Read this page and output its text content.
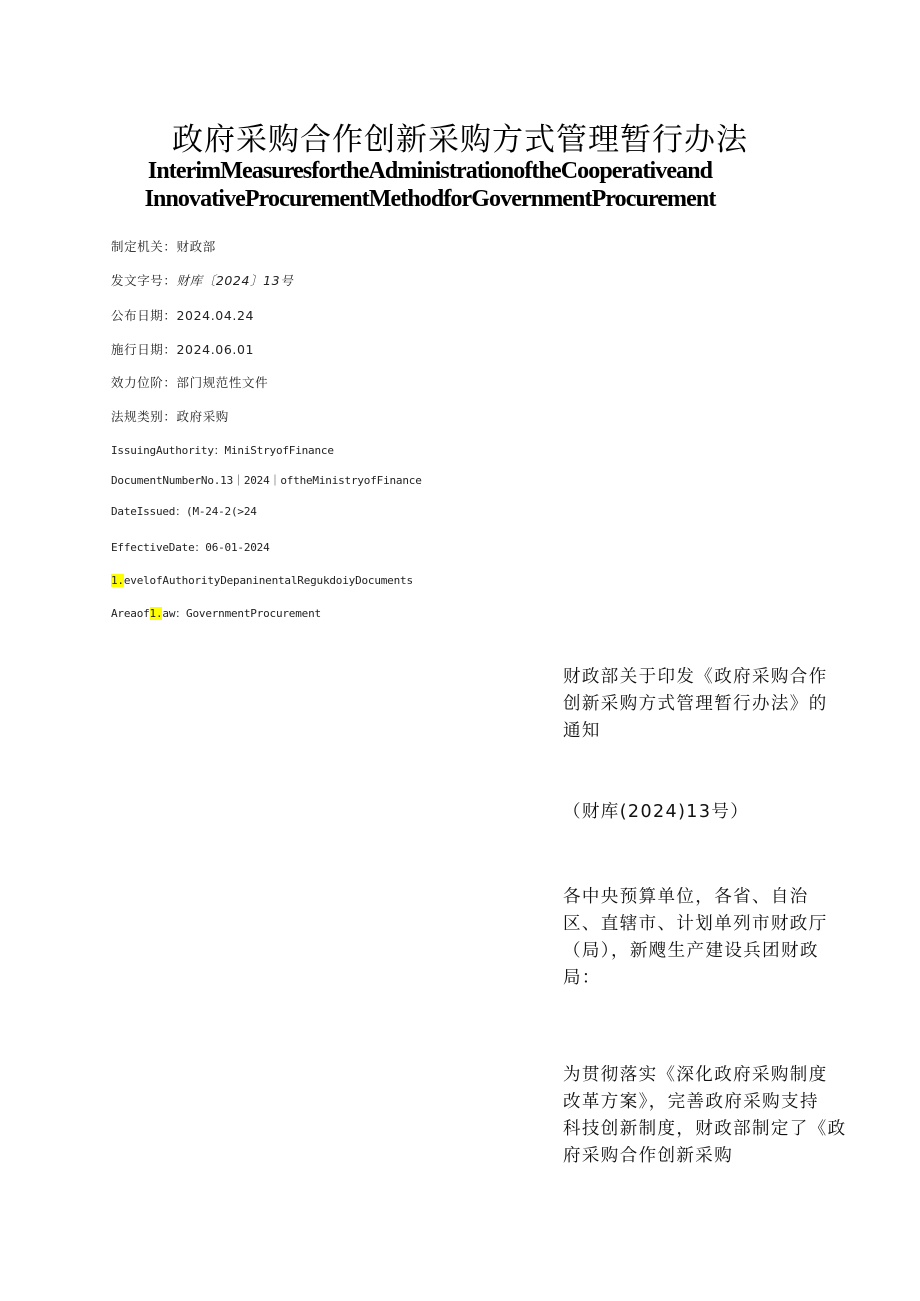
政府采购合作创新采购方式管理暂行办法
InterimMeasuresfortheAdministrationoftheCooperativeand
InnovativeProcurementMethodforGovernmentProcurement
制定机关：财政部
发文字号：财库〔2024〕13号
公布日期：2024.04.24
施行日期：2024.06.01
效力位阶：部门规范性文件
法规类别：政府采购
IssuingAuthority：MiniStryofFinance
DocumentNumberNo.13｜2024｜oftheMinistryofFinance
DateIssued：(M-24-2(>24
EffectiveDate：06-01-2024
1.evelofAuthorityDepaninentalRegukdoiyDocuments
Areaof1.aw：GovernmentProcurement
财政部关于印发《政府采购合作
创新采购方式管理暂行办法》的
通知
（财库(2024)13号）
各中央预算单位，各省、自治
区、直辖市、计划单列市财政厅
（局），新飕生产建设兵团财政
局：
为贯彻落实《深化政府采购制度
改革方案》，完善政府采购支持
科技创新制度，财政部制定了《政
府采购合作创新采购
